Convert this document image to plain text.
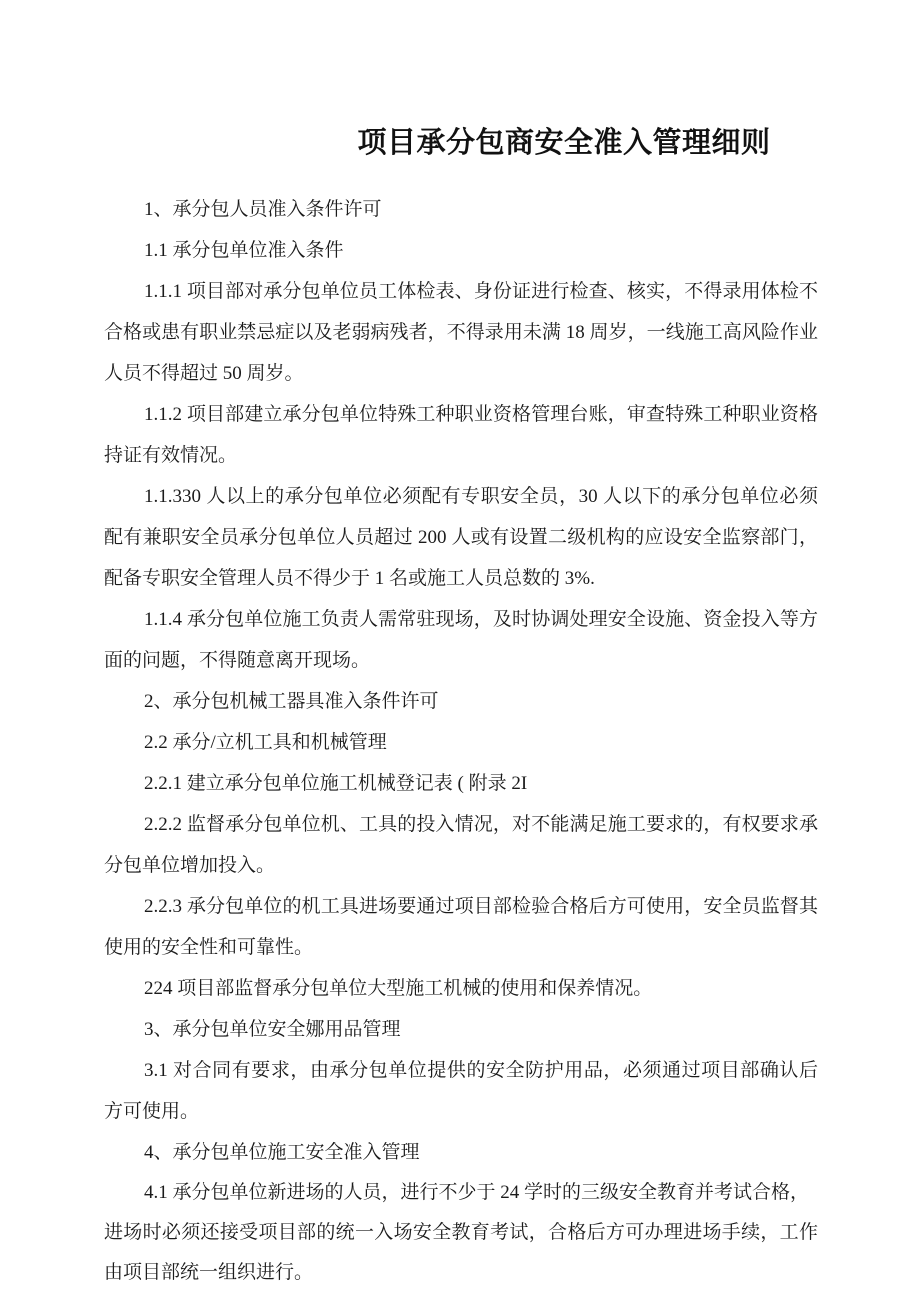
项目承分包商安全准入管理细则

1、承分包人员准入条件许可

1.1 承分包单位准入条件

1.1.1 项目部对承分包单位员工体检表、身份证进行检查、核实，不得录用体检不合格或患有职业禁忌症以及老弱病残者，不得录用未满 18 周岁，一线施工高风险作业人员不得超过 50 周岁。

1.1.2 项目部建立承分包单位特殊工种职业资格管理台账，审查特殊工种职业资格持证有效情况。

1.1.330 人以上的承分包单位必须配有专职安全员，30 人以下的承分包单位必须配有兼职安全员承分包单位人员超过 200 人或有设置二级机构的应设安全监察部门，配备专职安全管理人员不得少于 1 名或施工人员总数的 3%.

1.1.4 承分包单位施工负责人需常驻现场，及时协调处理安全设施、资金投入等方面的问题，不得随意离开现场。

2、承分包机械工器具准入条件许可

2.2 承分/立机工具和机械管理

2.2.1 建立承分包单位施工机械登记表 ( 附录 2I

2.2.2 监督承分包单位机、工具的投入情况，对不能满足施工要求的，有权要求承分包单位增加投入。

2.2.3 承分包单位的机工具进场要通过项目部检验合格后方可使用，安全员监督其使用的安全性和可靠性。

224 项目部监督承分包单位大型施工机械的使用和保养情况。

3、承分包单位安全娜用品管理

3.1 对合同有要求，由承分包单位提供的安全防护用品，必须通过项目部确认后方可使用。

4、承分包单位施工安全准入管理

4.1 承分包单位新进场的人员，进行不少于 24 学时的三级安全教育并考试合格，

进场时必须还接受项目部的统一入场安全教育考试，合格后方可办理进场手续，工作由项目部统一组织进行。
